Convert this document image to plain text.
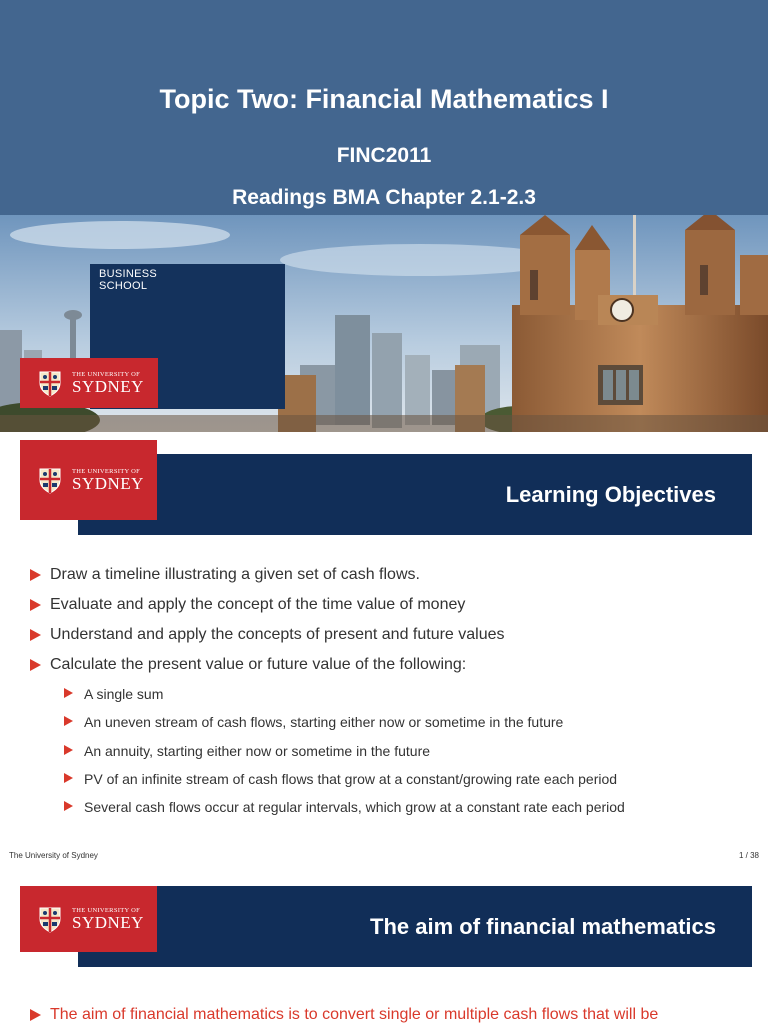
Topic Two: Financial Mathematics I
FINC2011
Readings BMA Chapter 2.1-2.3
BUSINESS
SCHOOL
THE UNIVERSITY OF
SYDNEY
Learning Objectives
THE UNIVERSITY OF
SYDNEY
Draw a timeline illustrating a given set of cash flows.
Evaluate and apply the concept of the time value of money
Understand and apply the concepts of present and future values
Calculate the present value or future value of the following:
A single sum
An uneven stream of cash flows, starting either now or sometime in the future
An annuity, starting either now or sometime in the future
PV of an infinite stream of cash flows that grow at a constant/growing rate each period
Several cash flows occur at regular intervals, which grow at a constant rate each period
The University of Sydney	1 / 38
The aim of financial mathematics
THE UNIVERSITY OF
SYDNEY
The aim of financial mathematics is to convert single or multiple cash flows that will be
